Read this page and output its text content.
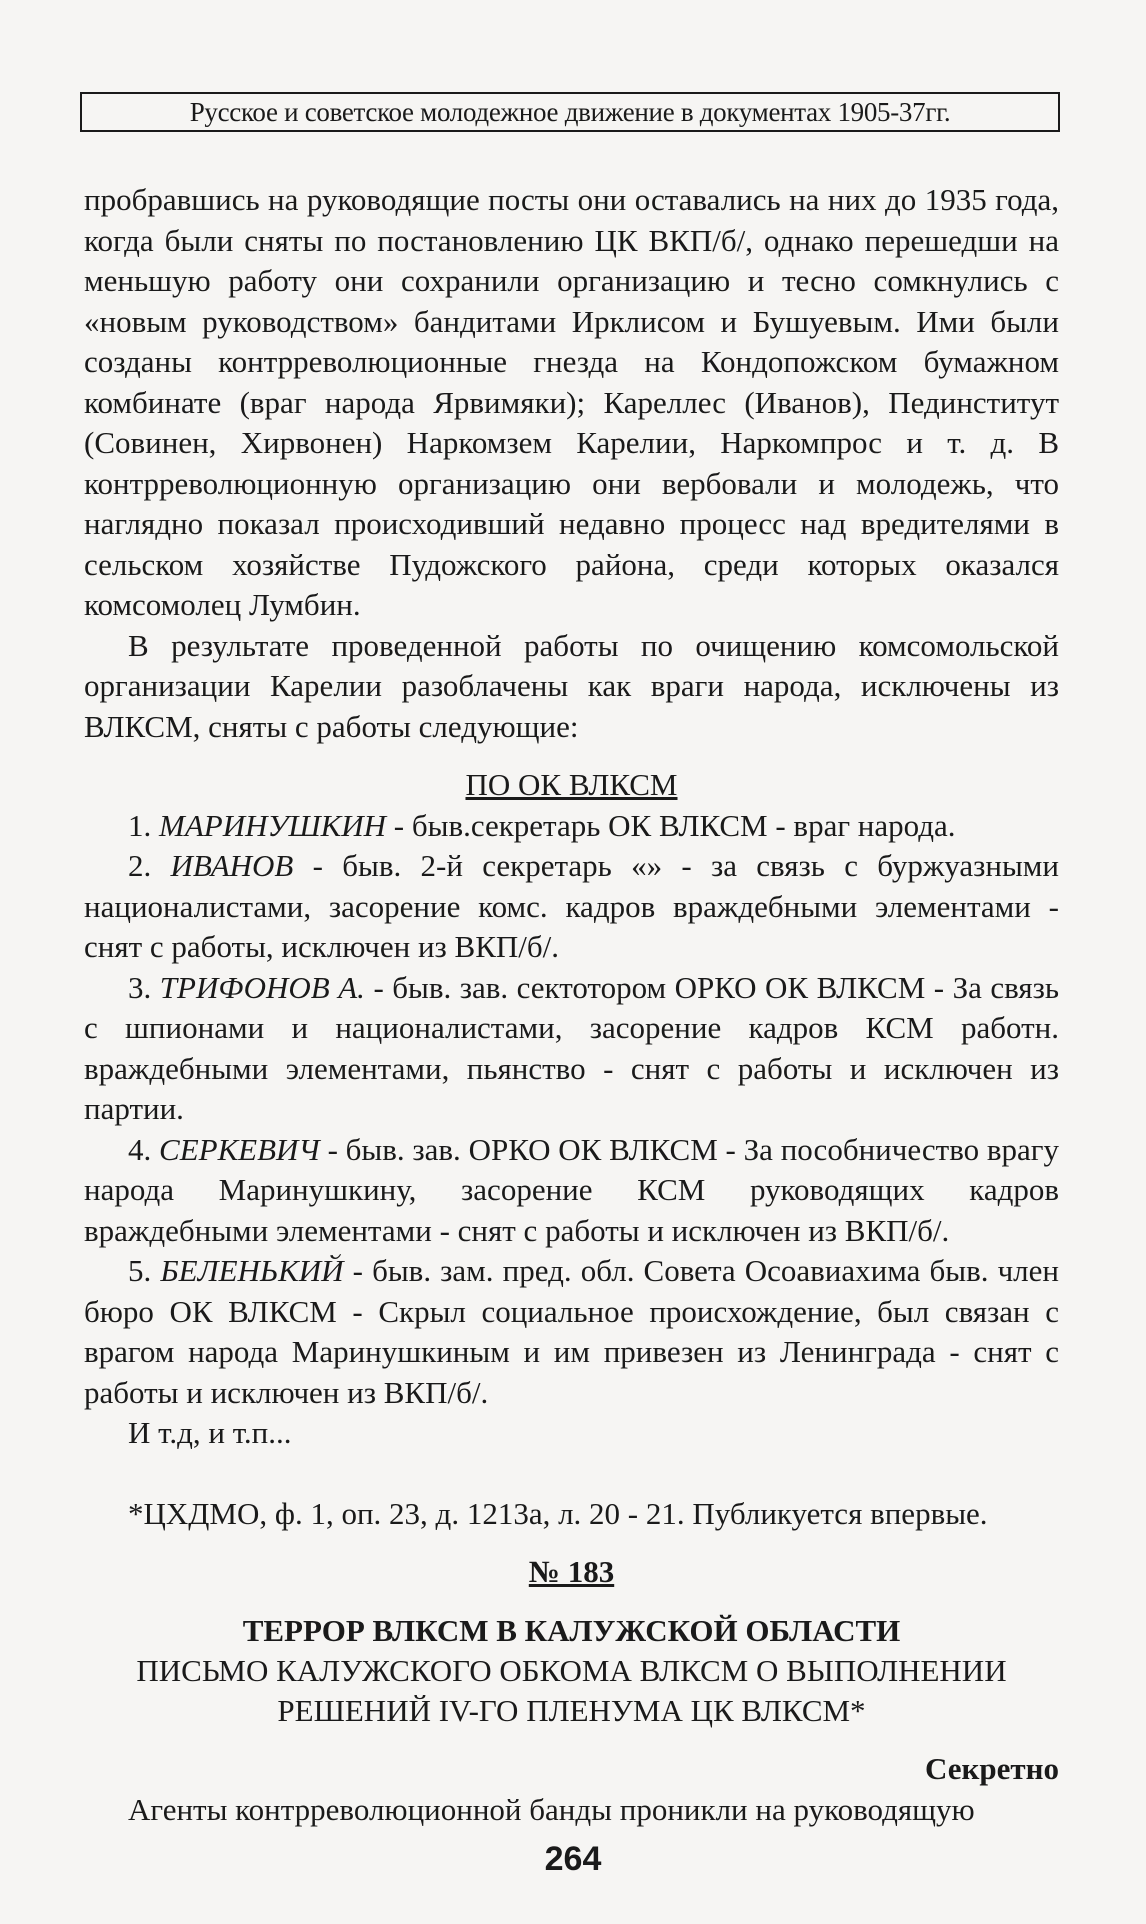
Русское и советское молодежное движение в документах 1905-37гг.

пробравшись на руководящие посты они оставались на них до 1935 года, когда были сняты по постановлению ЦК ВКП/б/, однако перешедши на меньшую работу они сохранили организацию и тесно сомкнулись с «новым руководством» бандитами Ирклисом и Бушуевым. Ими были созданы контрреволюционные гнезда на Кондопожском бумажном комбинате (враг народа Ярвимяки); Кареллес (Иванов), Пединститут (Совинен, Хирвонен) Наркомзем Карелии, Наркомпрос и т. д. В контрреволюционную организацию они вербовали и молодежь, что наглядно показал происходивший недавно процесс над вредителями в сельском хозяйстве Пудожского района, среди которых оказался комсомолец Лумбин.

В результате проведенной работы по очищению комсомольской организации Карелии разоблачены как враги народа, исключены из ВЛКСМ, сняты с работы следующие:

ПО ОК ВЛКСМ

1. МАРИНУШКИН - быв.секретарь ОК ВЛКСМ - враг народа.

2. ИВАНОВ - быв. 2-й секретарь «» - за связь с буржуазными националистами, засорение комс. кадров враждебными элементами - снят с работы, исключен из ВКП/б/.

3. ТРИФОНОВ А. - быв. зав. сектотором ОРКО ОК ВЛКСМ - За связь с шпионами и националистами, засорение кадров КСМ работн. враждебными элементами, пьянство - снят с работы и исключен из партии.

4. СЕРКЕВИЧ - быв. зав. ОРКО ОК ВЛКСМ - За пособничество врагу народа Маринушкину, засорение КСМ руководящих кадров враждебными элементами - снят с работы и исключен из ВКП/б/.

5. БЕЛЕНЬКИЙ - быв. зам. пред. обл. Совета Осоавиахима быв. член бюро ОК ВЛКСМ - Скрыл социальное происхождение, был связан с врагом народа Маринушкиным и им привезен из Ленинграда - снят с работы и исключен из ВКП/б/.

И т.д, и т.п...

*ЦХДМО, ф. 1, оп. 23, д. 1213а, л. 20 - 21. Публикуется впервые.

№ 183

ТЕРРОР ВЛКСМ В КАЛУЖСКОЙ ОБЛАСТИ

ПИСЬМО КАЛУЖСКОГО ОБКОМА ВЛКСМ О ВЫПОЛНЕНИИ РЕШЕНИЙ IV-ГО ПЛЕНУМА ЦК ВЛКСМ*

Секретно

Агенты контрреволюционной банды проникли на руководящую

264
